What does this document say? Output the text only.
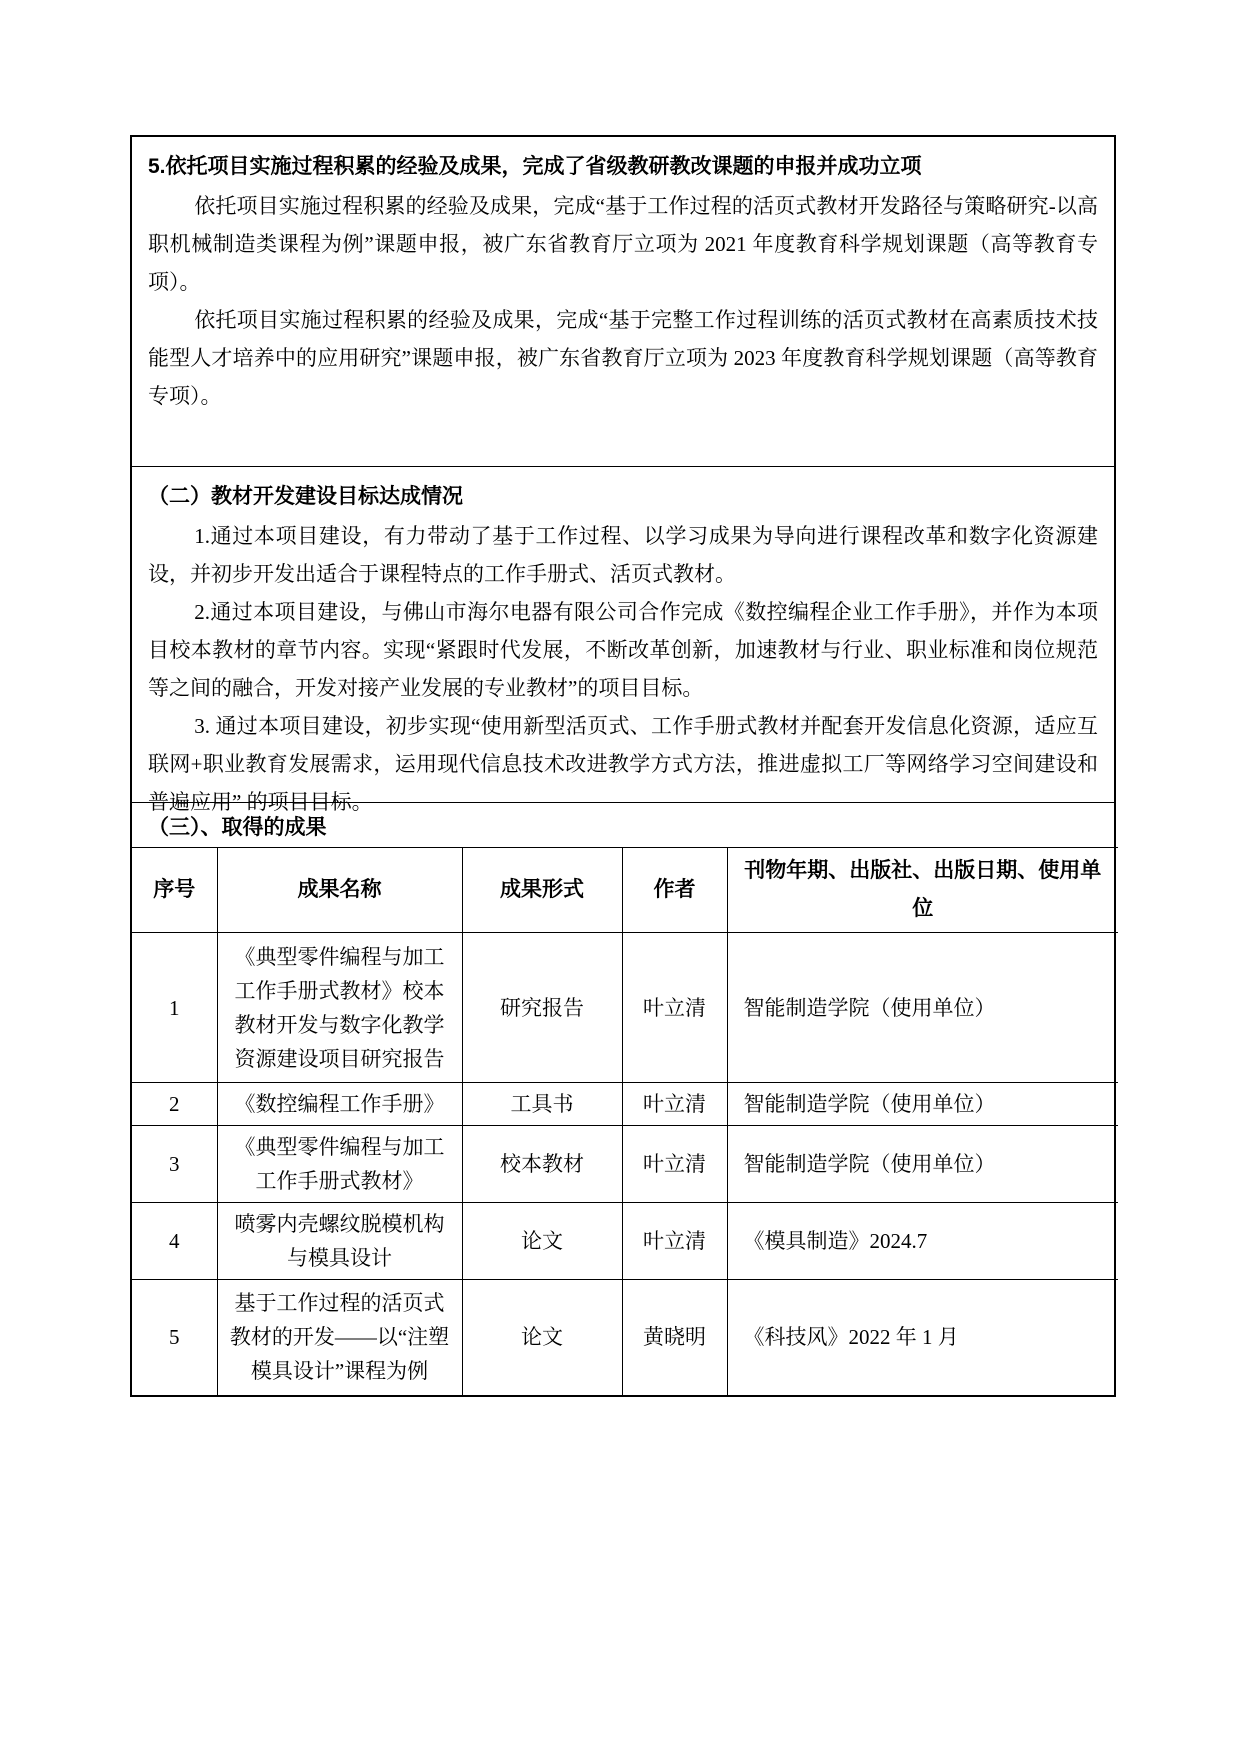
5.依托项目实施过程积累的经验及成果，完成了省级教研教改课题的申报并成功立项
依托项目实施过程积累的经验及成果，完成“基于工作过程的活页式教材开发路径与策略研究-以高职机械制造类课程为例”课题申报，被广东省教育厅立项为 2021 年度教育科学规划课题（高等教育专项）。
依托项目实施过程积累的经验及成果，完成“基于完整工作过程训练的活页式教材在高素质技术技能型人才培养中的应用研究”课题申报，被广东省教育厅立项为 2023 年度教育科学规划课题（高等教育专项）。
（二）教材开发建设目标达成情况
1.通过本项目建设，有力带动了基于工作过程、以学习成果为导向进行课程改革和数字化资源建设，并初步开发出适合于课程特点的工作手册式、活页式教材。
2.通过本项目建设，与佛山市海尔电器有限公司合作完成《数控编程企业工作手册》，并作为本项目校本教材的章节内容。实现“紧跟时代发展，不断改革创新，加速教材与行业、职业标准和岗位规范等之间的融合，开发对接产业发展的专业教材”的项目目标。
3. 通过本项目建设，初步实现“使用新型活页式、工作手册式教材并配套开发信息化资源，适应互联网+职业教育发展需求，运用现代信息技术改进教学方式方法，推进虚拟工厂等网络学习空间建设和普遍应用” 的项目目标。
（三）、取得的成果
序号	成果名称	成果形式	作者	刊物年期、出版社、出版日期、使用单位
1	《典型零件编程与加工工作手册式教材》校本教材开发与数字化教学资源建设项目研究报告	研究报告	叶立清	智能制造学院（使用单位）
2	《数控编程工作手册》	工具书	叶立清	智能制造学院（使用单位）
3	《典型零件编程与加工工作手册式教材》	校本教材	叶立清	智能制造学院（使用单位）
4	喷雾内壳螺纹脱模机构与模具设计	论文	叶立清	《模具制造》2024.7
5	基于工作过程的活页式教材的开发——以“注塑模具设计”课程为例	论文	黄晓明	《科技风》2022 年 1 月
